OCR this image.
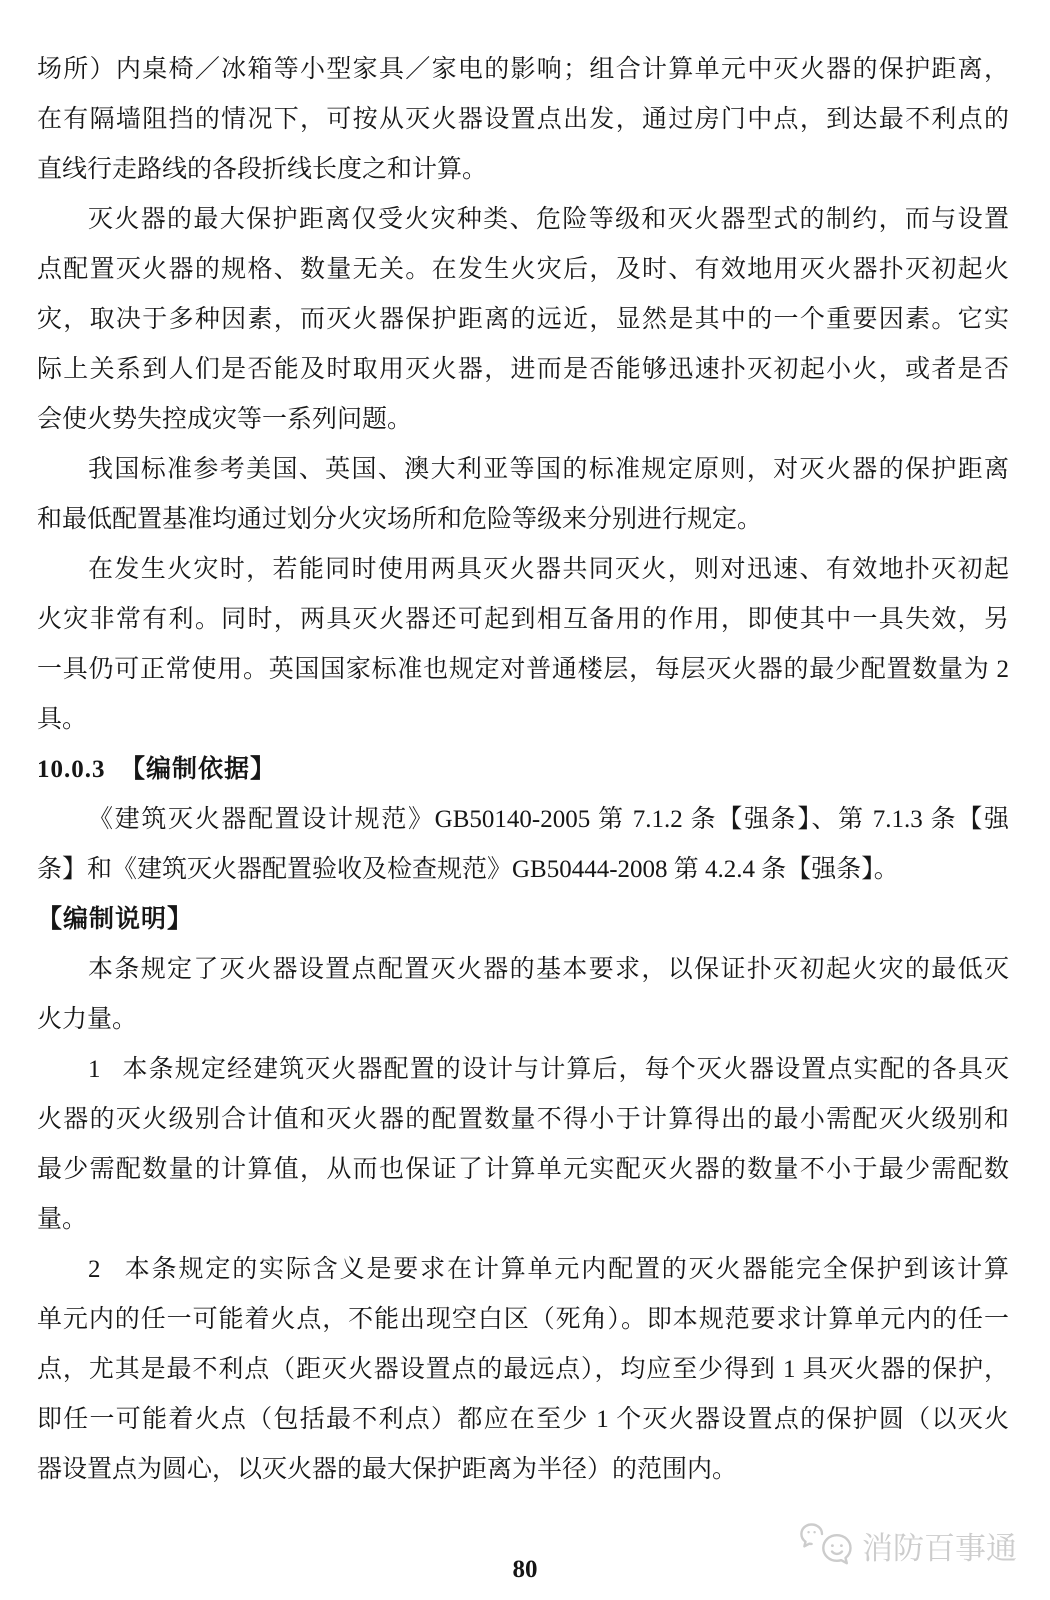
场所）内桌椅／冰箱等小型家具／家电的影响；组合计算单元中灭火器的保护距离，
在有隔墙阻挡的情况下，可按从灭火器设置点出发，通过房门中点，到达最不利点的
直线行走路线的各段折线长度之和计算。
灭火器的最大保护距离仅受火灾种类、危险等级和灭火器型式的制约，而与设置
点配置灭火器的规格、数量无关。在发生火灾后，及时、有效地用灭火器扑灭初起火
灾，取决于多种因素，而灭火器保护距离的远近，显然是其中的一个重要因素。它实
际上关系到人们是否能及时取用灭火器，进而是否能够迅速扑灭初起小火，或者是否
会使火势失控成灾等一系列问题。
我国标准参考美国、英国、澳大利亚等国的标准规定原则，对灭火器的保护距离
和最低配置基准均通过划分火灾场所和危险等级来分别进行规定。
在发生火灾时，若能同时使用两具灭火器共同灭火，则对迅速、有效地扑灭初起
火灾非常有利。同时，两具灭火器还可起到相互备用的作用，即使其中一具失效，另
一具仍可正常使用。英国国家标准也规定对普通楼层，每层灭火器的最少配置数量为 2
具。
10.0.3  【编制依据】
《建筑灭火器配置设计规范》GB50140-2005 第 7.1.2 条【强条】、第 7.1.3 条【强
条】和《建筑灭火器配置验收及检查规范》GB50444-2008 第 4.2.4 条【强条】。
【编制说明】
本条规定了灭火器设置点配置灭火器的基本要求，以保证扑灭初起火灾的最低灭
火力量。
1   本条规定经建筑灭火器配置的设计与计算后，每个灭火器设置点实配的各具灭
火器的灭火级别合计值和灭火器的配置数量不得小于计算得出的最小需配灭火级别和
最少需配数量的计算值，从而也保证了计算单元实配灭火器的数量不小于最少需配数
量。
2   本条规定的实际含义是要求在计算单元内配置的灭火器能完全保护到该计算
单元内的任一可能着火点，不能出现空白区（死角）。即本规范要求计算单元内的任一
点，尤其是最不利点（距灭火器设置点的最远点），均应至少得到 1 具灭火器的保护，
即任一可能着火点（包括最不利点）都应在至少 1 个灭火器设置点的保护圆（以灭火
器设置点为圆心，以灭火器的最大保护距离为半径）的范围内。
消防百事通
80
